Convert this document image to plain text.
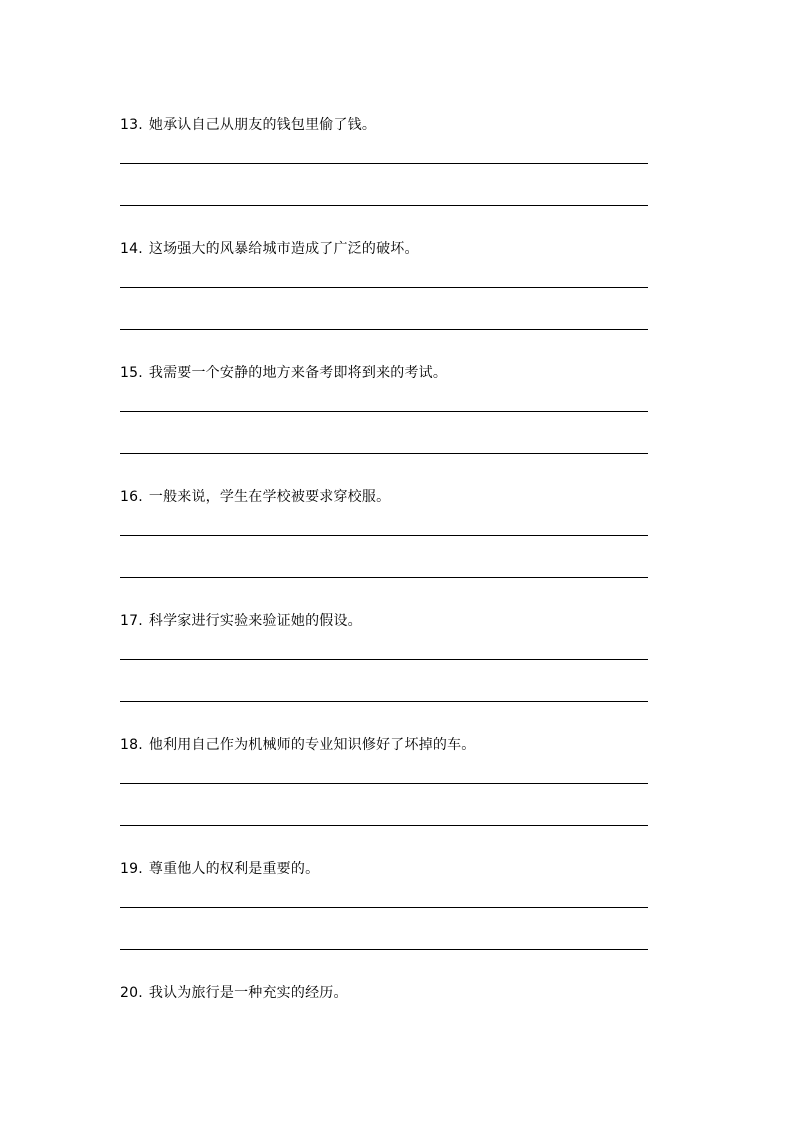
13. 她承认自己从朋友的钱包里偷了钱。
14. 这场强大的风暴给城市造成了广泛的破坏。
15. 我需要一个安静的地方来备考即将到来的考试。
16. 一般来说，学生在学校被要求穿校服。
17. 科学家进行实验来验证她的假设。
18. 他利用自己作为机械师的专业知识修好了坏掉的车。
19. 尊重他人的权利是重要的。
20. 我认为旅行是一种充实的经历。
